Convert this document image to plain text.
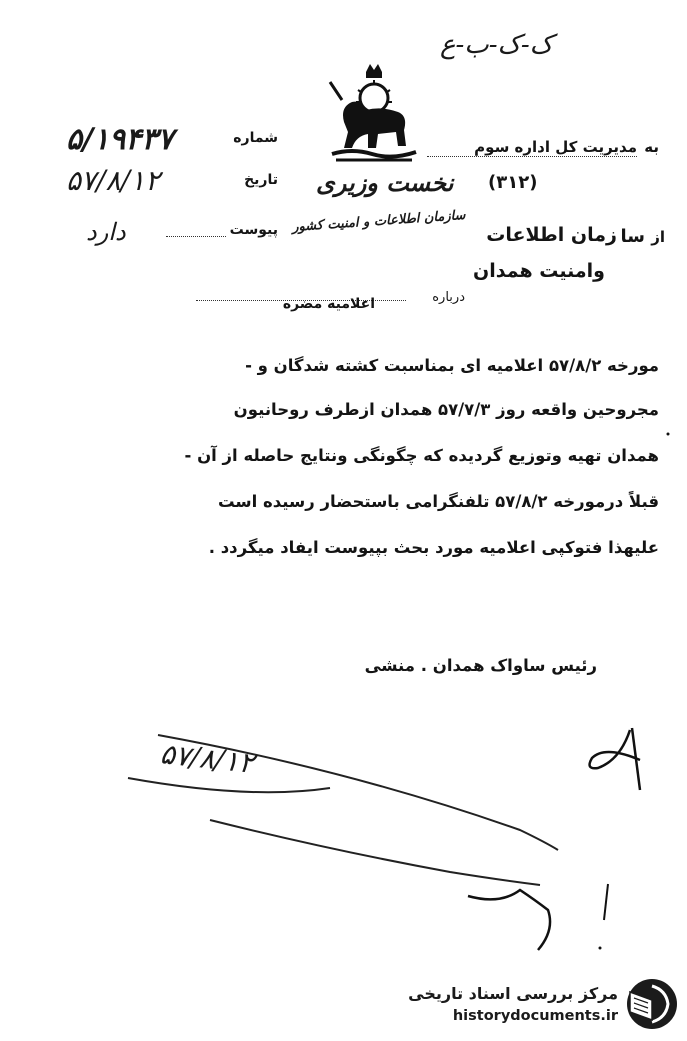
ک-ک-ب-ع
شماره
۵/۱۹۴۳۷
تاریخ
۵۷/۸/۱۲
پیوست
دارد
به
مدیریت کل اداره سوم
(۳۱۲)
نخست وزیری
از
سا
زمان اطلاعات
سازمان اطلاعات و امنیت کشور
وامنیت همدان
درباره
اعلامیه مضره
مورخه ۵۷/۸/۲ اعلامیه ای بمناسبت کشته شدگان و -
مجروحین واقعه روز ۵۷/۷/۳ همدان ازطرف روحانیون
همدان تهیه وتوزیع گردیده که چگونگی ونتایج حاصله از آن -
قبلاً درمورخه ۵۷/۸/۲ تلفنگرامی باستحضار رسیده است
علیهذا فتوکپی اعلامیه مورد بحث بپیوست ایفاد میگردد .
رئیس ساواک همدان . منشی
۵۷/۸/۱۲
مرکز بررسی اسناد تاریخی
historydocuments.ir
